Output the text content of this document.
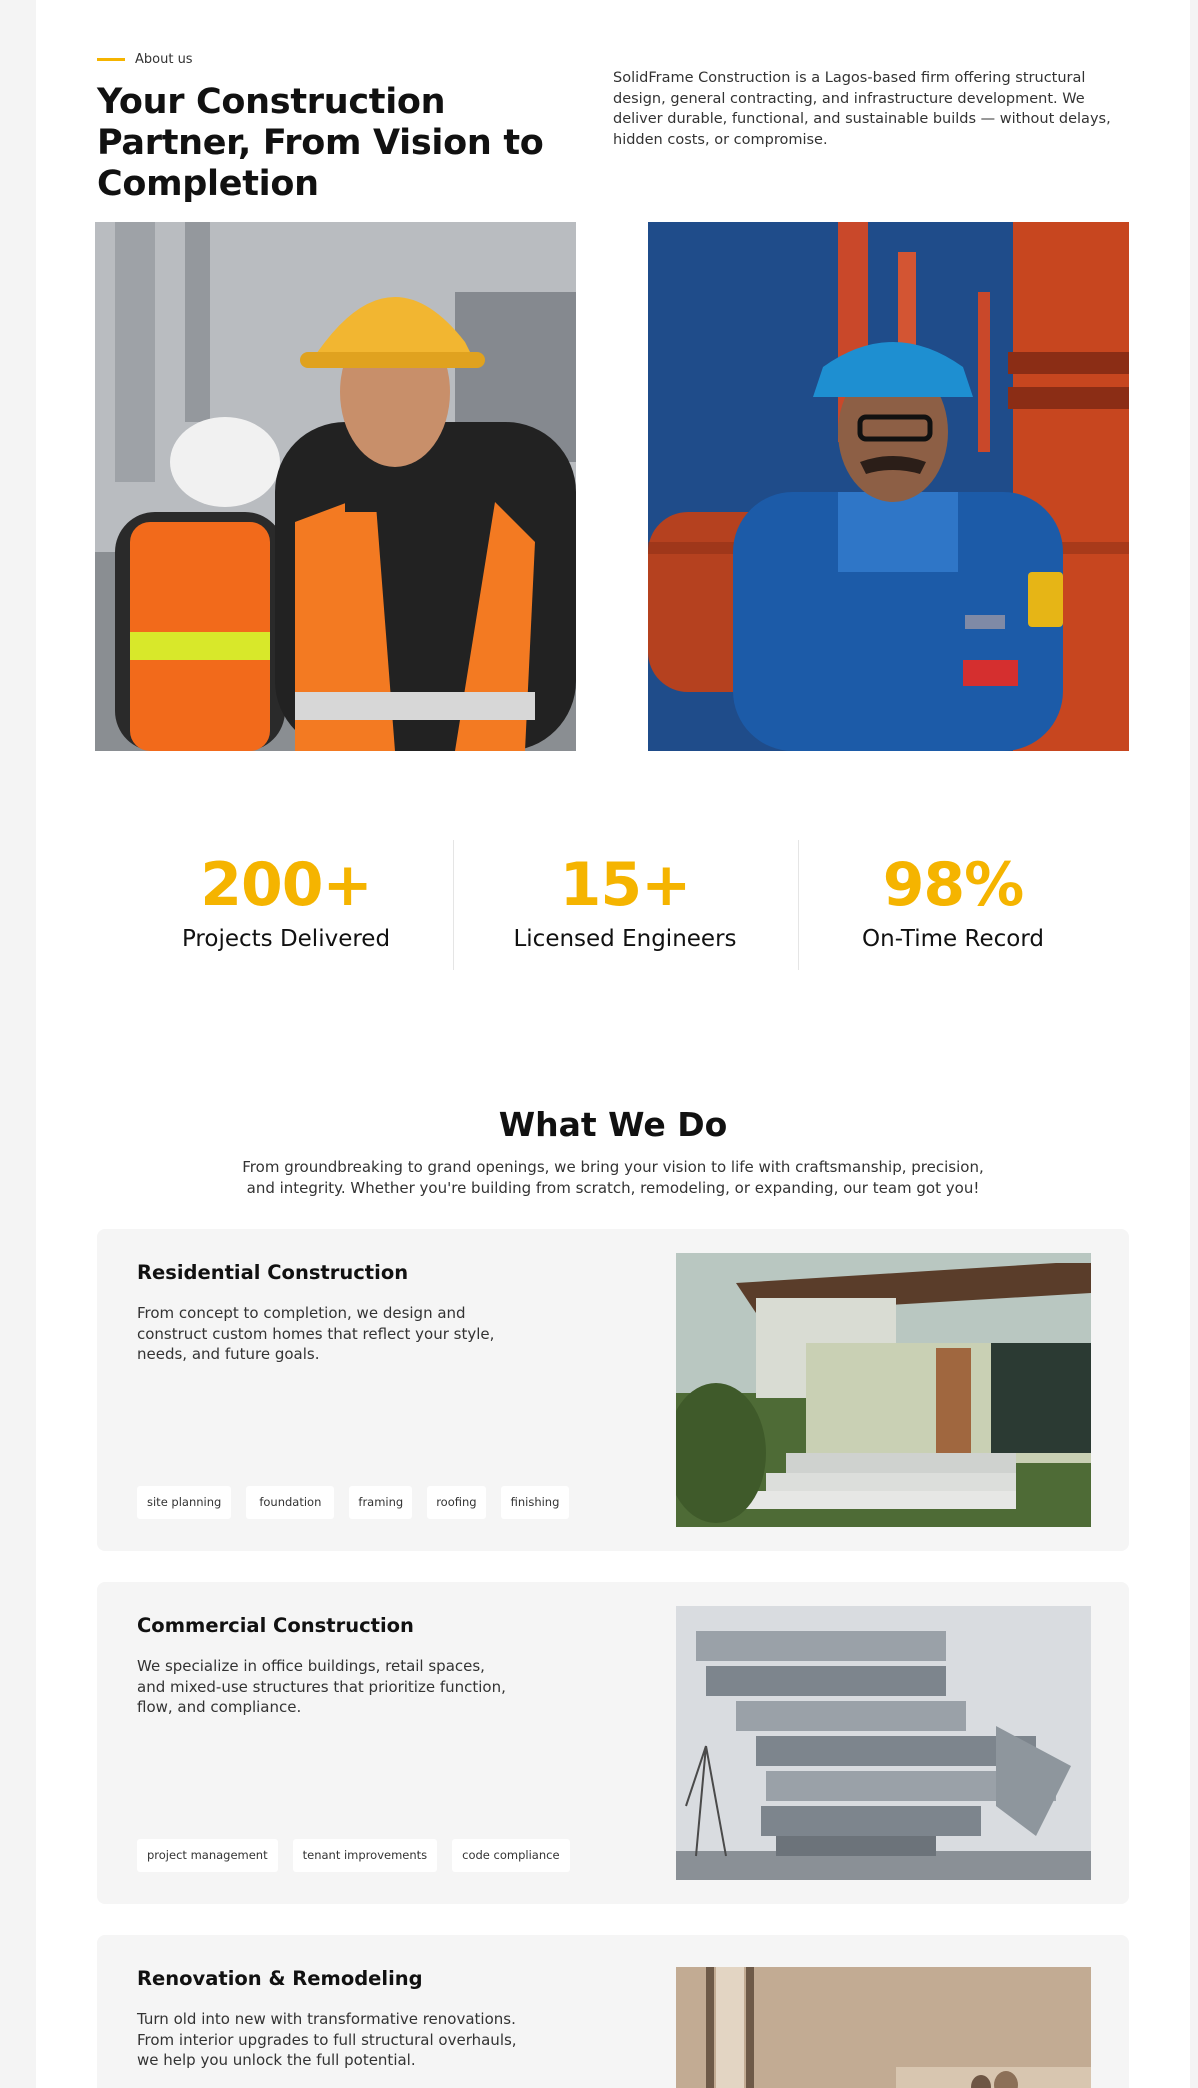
About us
Your Construction Partner, From Vision to Completion

SolidFrame Construction is a Lagos-based firm offering structural design, general contracting, and infrastructure development. We deliver durable, functional, and sustainable builds — without delays, hidden costs, or compromise.

200+
Projects Delivered
15+
Licensed Engineers
98%
On-Time Record
What We Do

From groundbreaking to grand openings, we bring your vision to life with craftsmanship, precision, and integrity. Whether you're building from scratch, remodeling, or expanding, our team got you!

Residential Construction

From concept to completion, we design and construct custom homes that reflect your style, needs, and future goals.

site planning	foundation	framing	roofing	finishing
Commercial Construction

We specialize in office buildings, retail spaces, and mixed-use structures that prioritize function, flow, and compliance.

project management	tenant improvements	code compliance
Renovation & Remodeling

Turn old into new with transformative renovations. From interior upgrades to full structural overhauls, we help you unlock the full potential.
